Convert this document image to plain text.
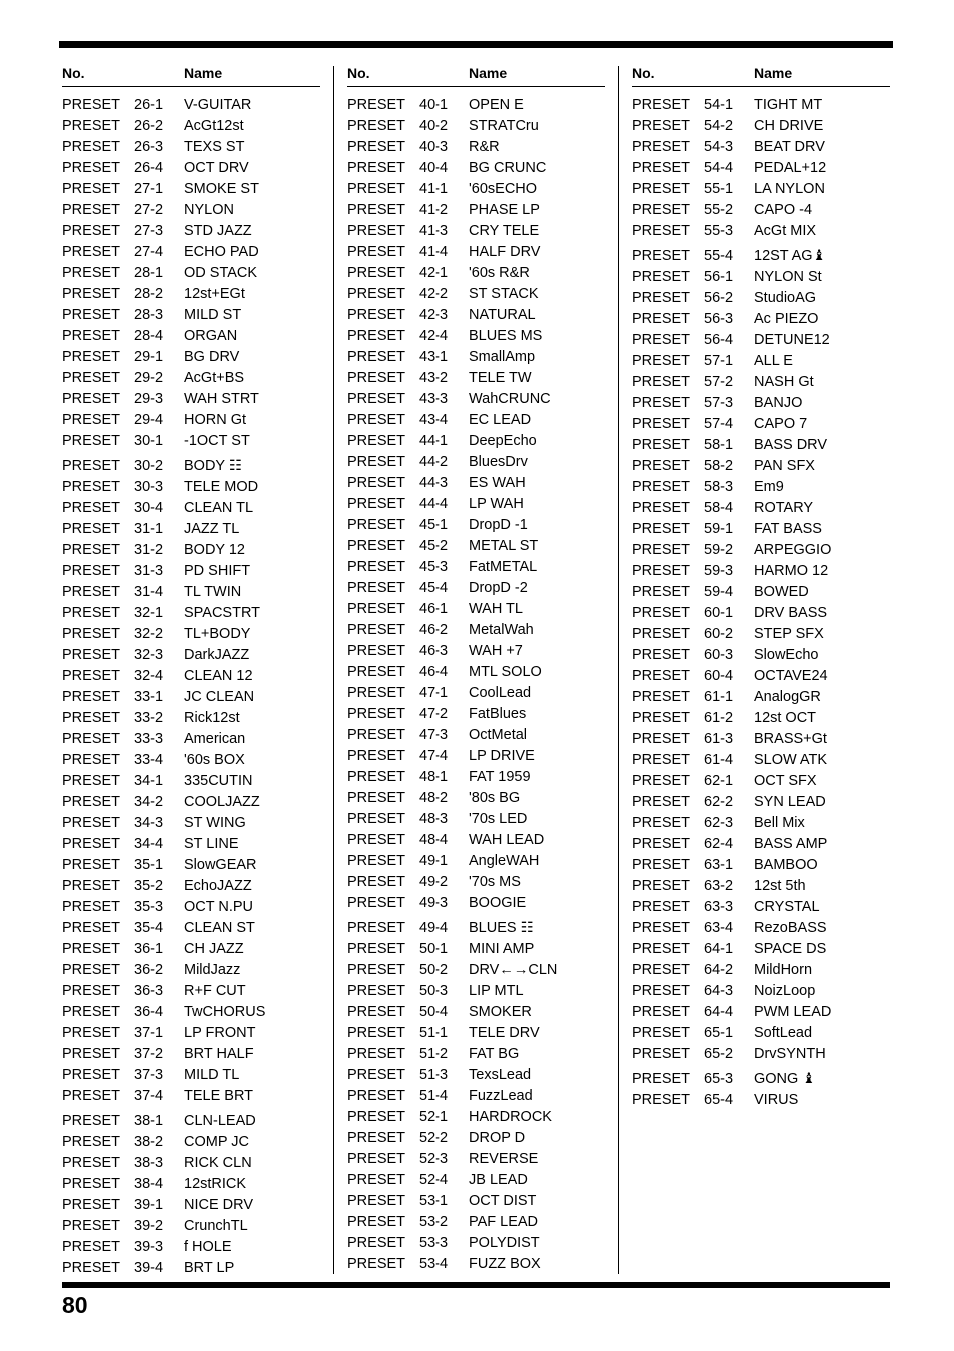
No.	Name
PRESET 26-1 V-GUITAR
PRESET 26-2 AcGt12st
PRESET 26-3 TEXS ST
PRESET 26-4 OCT DRV
PRESET 27-1 SMOKE ST
PRESET 27-2 NYLON
PRESET 27-3 STD JAZZ
PRESET 27-4 ECHO PAD
PRESET 28-1 OD STACK
PRESET 28-2 12st+EGt
PRESET 28-3 MILD ST
PRESET 28-4 ORGAN
PRESET 29-1 BG DRV
PRESET 29-2 AcGt+BS
PRESET 29-3 WAH STRT
PRESET 29-4 HORN Gt
PRESET 30-1 -1OCT ST
PRESET 30-2 BODY ☷
PRESET 30-3 TELE MOD
PRESET 30-4 CLEAN TL
PRESET 31-1 JAZZ TL
PRESET 31-2 BODY 12
PRESET 31-3 PD SHIFT
PRESET 31-4 TL TWIN
PRESET 32-1 SPACSTRT
PRESET 32-2 TL+BODY
PRESET 32-3 DarkJAZZ
PRESET 32-4 CLEAN 12
PRESET 33-1 JC CLEAN
PRESET 33-2 Rick12st
PRESET 33-3 American
PRESET 33-4 '60s BOX
PRESET 34-1 335CUTIN
PRESET 34-2 COOLJAZZ
PRESET 34-3 ST WING
PRESET 34-4 ST LINE
PRESET 35-1 SlowGEAR
PRESET 35-2 EchoJAZZ
PRESET 35-3 OCT N.PU
PRESET 35-4 CLEAN ST
PRESET 36-1 CH JAZZ
PRESET 36-2 MildJazz
PRESET 36-3 R+F CUT
PRESET 36-4 TwCHORUS
PRESET 37-1 LP FRONT
PRESET 37-2 BRT HALF
PRESET 37-3 MILD TL
PRESET 37-4 TELE BRT
PRESET 38-1 CLN-LEAD
PRESET 38-2 COMP JC
PRESET 38-3 RICK CLN
PRESET 38-4 12stRICK
PRESET 39-1 NICE DRV
PRESET 39-2 CrunchTL
PRESET 39-3 f HOLE
PRESET 39-4 BRT LP
No.	Name
PRESET 40-1 OPEN E
PRESET 40-2 STRATCru
PRESET 40-3 R&R
PRESET 40-4 BG CRUNC
PRESET 41-1 '60sECHO
PRESET 41-2 PHASE LP
PRESET 41-3 CRY TELE
PRESET 41-4 HALF DRV
PRESET 42-1 '60s R&R
PRESET 42-2 ST STACK
PRESET 42-3 NATURAL
PRESET 42-4 BLUES MS
PRESET 43-1 SmallAmp
PRESET 43-2 TELE TW
PRESET 43-3 WahCRUNC
PRESET 43-4 EC LEAD
PRESET 44-1 DeepEcho
PRESET 44-2 BluesDrv
PRESET 44-3 ES WAH
PRESET 44-4 LP WAH
PRESET 45-1 DropD -1
PRESET 45-2 METAL ST
PRESET 45-3 FatMETAL
PRESET 45-4 DropD -2
PRESET 46-1 WAH TL
PRESET 46-2 MetalWah
PRESET 46-3 WAH +7
PRESET 46-4 MTL SOLO
PRESET 47-1 CoolLead
PRESET 47-2 FatBlues
PRESET 47-3 OctMetal
PRESET 47-4 LP DRIVE
PRESET 48-1 FAT 1959
PRESET 48-2 '80s BG
PRESET 48-3 '70s LED
PRESET 48-4 WAH LEAD
PRESET 49-1 AngleWAH
PRESET 49-2 '70s MS
PRESET 49-3 BOOGIE
PRESET 49-4 BLUES ☷
PRESET 50-1 MINI AMP
PRESET 50-2 DRV←→CLN
PRESET 50-3 LIP MTL
PRESET 50-4 SMOKER
PRESET 51-1 TELE DRV
PRESET 51-2 FAT BG
PRESET 51-3 TexsLead
PRESET 51-4 FuzzLead
PRESET 52-1 HARDROCK
PRESET 52-2 DROP D
PRESET 52-3 REVERSE
PRESET 52-4 JB LEAD
PRESET 53-1 OCT DIST
PRESET 53-2 PAF LEAD
PRESET 53-3 POLYDIST
PRESET 53-4 FUZZ BOX
No.	Name
PRESET 54-1 TIGHT MT
PRESET 54-2 CH DRIVE
PRESET 54-3 BEAT DRV
PRESET 54-4 PEDAL+12
PRESET 55-1 LA NYLON
PRESET 55-2 CAPO -4
PRESET 55-3 AcGt MIX
PRESET 55-4 12ST AG♝
PRESET 56-1 NYLON St
PRESET 56-2 StudioAG
PRESET 56-3 Ac PIEZO
PRESET 56-4 DETUNE12
PRESET 57-1 ALL E
PRESET 57-2 NASH Gt
PRESET 57-3 BANJO
PRESET 57-4 CAPO 7
PRESET 58-1 BASS DRV
PRESET 58-2 PAN SFX
PRESET 58-3 Em9
PRESET 58-4 ROTARY
PRESET 59-1 FAT BASS
PRESET 59-2 ARPEGGIO
PRESET 59-3 HARMO 12
PRESET 59-4 BOWED
PRESET 60-1 DRV BASS
PRESET 60-2 STEP SFX
PRESET 60-3 SlowEcho
PRESET 60-4 OCTAVE24
PRESET 61-1 AnalogGR
PRESET 61-2 12st OCT
PRESET 61-3 BRASS+Gt
PRESET 61-4 SLOW ATK
PRESET 62-1 OCT SFX
PRESET 62-2 SYN LEAD
PRESET 62-3 Bell Mix
PRESET 62-4 BASS AMP
PRESET 63-1 BAMBOO
PRESET 63-2 12st 5th
PRESET 63-3 CRYSTAL
PRESET 63-4 RezoBASS
PRESET 64-1 SPACE DS
PRESET 64-2 MildHorn
PRESET 64-3 NoizLoop
PRESET 64-4 PWM LEAD
PRESET 65-1 SoftLead
PRESET 65-2 DrvSYNTH
PRESET 65-3 GONG ♝
PRESET 65-4 VIRUS
80
